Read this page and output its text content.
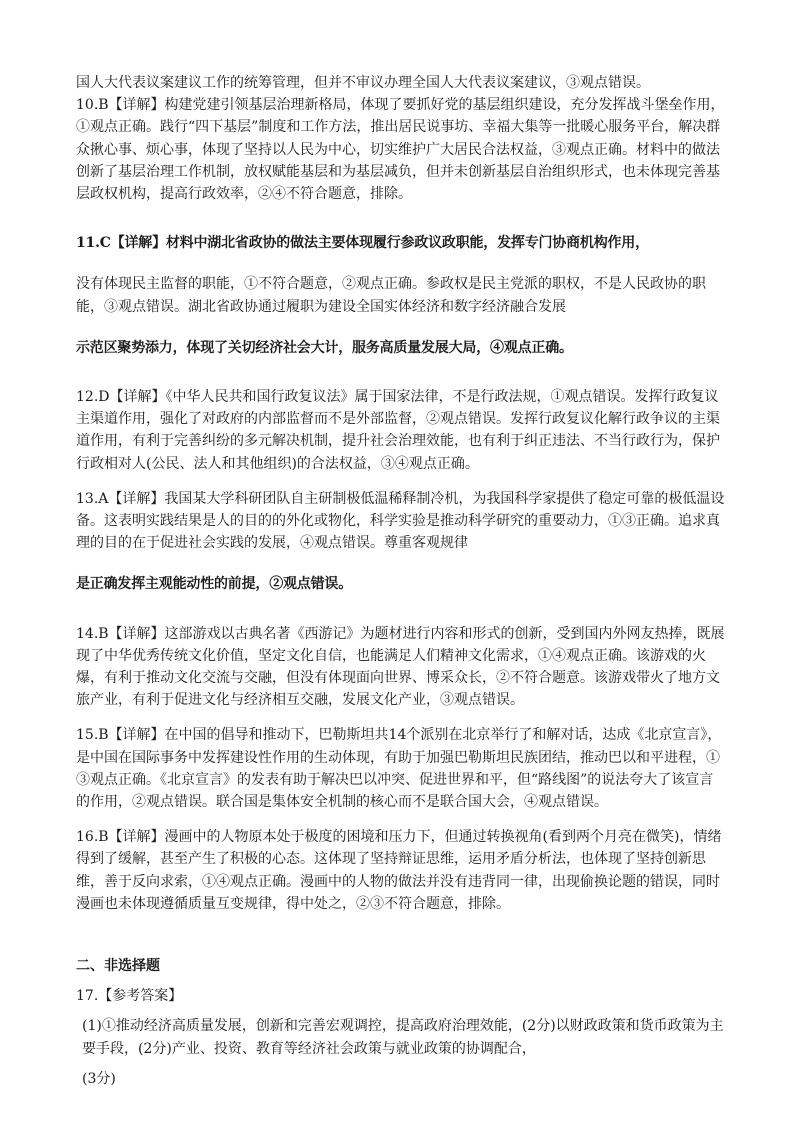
国人大代表议案建议工作的统筹管理，但并不审议办理全国人大代表议案建议，③观点错误。

10.B【详解】构建党建引领基层治理新格局，体现了要抓好党的基层组织建设，充分发挥战斗堡垒作用，①观点正确。践行“四下基层”制度和工作方法，推出居民说事坊、幸福大集等一批暖心服务平台，解决群众揪心事、烦心事，体现了坚持以人民为中心，切实维护广大居民合法权益，③观点正确。材料中的做法创新了基层治理工作机制，放权赋能基层和为基层减负，但并未创新基层自治组织形式，也未体现完善基层政权机构，提高行政效率，②④不符合题意，排除。

11.C【详解】材料中湖北省政协的做法主要体现履行参政议政职能，发挥专门协商机构作用，

没有体现民主监督的职能，①不符合题意，②观点正确。参政权是民主党派的职权，不是人民政协的职能，③观点错误。湖北省政协通过履职为建设全国实体经济和数字经济融合发展

示范区聚势添力，体现了关切经济社会大计，服务高质量发展大局，④观点正确。

12.D【详解】《中华人民共和国行政复议法》属于国家法律，不是行政法规，①观点错误。发挥行政复议主渠道作用，强化了对政府的内部监督而不是外部监督，②观点错误。发挥行政复议化解行政争议的主渠道作用，有利于完善纠纷的多元解决机制，提升社会治理效能，也有利于纠正违法、不当行政行为，保护行政相对人(公民、法人和其他组织)的合法权益，③④观点正确。

13.A【详解】我国某大学科研团队自主研制极低温稀释制冷机，为我国科学家提供了稳定可靠的极低温设备。这表明实践结果是人的目的的外化或物化，科学实验是推动科学研究的重要动力，①③正确。追求真理的目的在于促进社会实践的发展，④观点错误。尊重客观规律

是正确发挥主观能动性的前提，②观点错误。

14.B【详解】这部游戏以古典名著《西游记》为题材进行内容和形式的创新，受到国内外网友热捧，既展现了中华优秀传统文化价值，坚定文化自信，也能满足人们精神文化需求，①④观点正确。该游戏的火爆，有利于推动文化交流与交融，但没有体现面向世界、博采众长，②不符合题意。该游戏带火了地方文旅产业，有利于促进文化与经济相互交融，发展文化产业，③观点错误。

15.B【详解】在中国的倡导和推动下，巴勒斯坦共14个派别在北京举行了和解对话，达成《北京宣言》，是中国在国际事务中发挥建设性作用的生动体现，有助于加强巴勒斯坦民族团结，推动巴以和平进程，①③观点正确。《北京宣言》的发表有助于解决巴以冲突、促进世界和平，但“路线图”的说法夸大了该宣言的作用，②观点错误。联合国是集体安全机制的核心而不是联合国大会，④观点错误。

16.B【详解】漫画中的人物原本处于极度的困境和压力下，但通过转换视角(看到两个月亮在微笑)，情绪得到了缓解，甚至产生了积极的心态。这体现了坚持辩证思维，运用矛盾分析法，也体现了坚持创新思维，善于反向求索，①④观点正确。漫画中的人物的做法并没有违背同一律，出现偷换论题的错误，同时漫画也未体现遵循质量互变规律，得中处之，②③不符合题意，排除。

二、非选择题

17.【参考答案】

(1)①推动经济高质量发展，创新和完善宏观调控，提高政府治理效能，(2分)以财政政策和货币政策为主要手段，(2分)产业、投资、教育等经济社会政策与就业政策的协调配合，

(3分)
